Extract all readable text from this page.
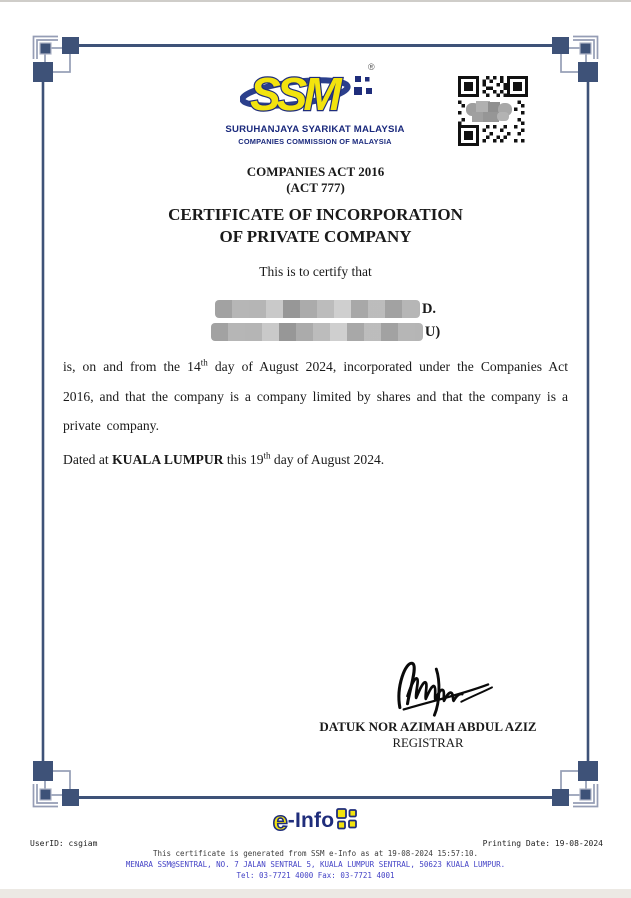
SSM
SURUHANJAYA SYARIKAT MALAYSIA
COMPANIES COMMISSION OF MALAYSIA
®
COMPANIES ACT 2016
(ACT 777)
CERTIFICATE OF INCORPORATION
OF PRIVATE COMPANY
This is to certify that
D.
U)
is, on and from the 14th day of August 2024, incorporated under the Companies Act 2016, and that the company is a company limited by shares and that the company is a private company.
Dated at KUALA LUMPUR this 19th day of August 2024.
DATUK NOR AZIMAH ABDUL AZIZ
REGISTRAR
e -Info
UserID: csgiam	Printing Date: 19-08-2024
This certificate is generated from SSM e-Info as at 19-08-2024 15:57:10.
MENARA SSM@SENTRAL, NO. 7 JALAN SENTRAL 5, KUALA LUMPUR SENTRAL, 50623 KUALA LUMPUR.
Tel: 03-7721 4000 Fax: 03-7721 4001
